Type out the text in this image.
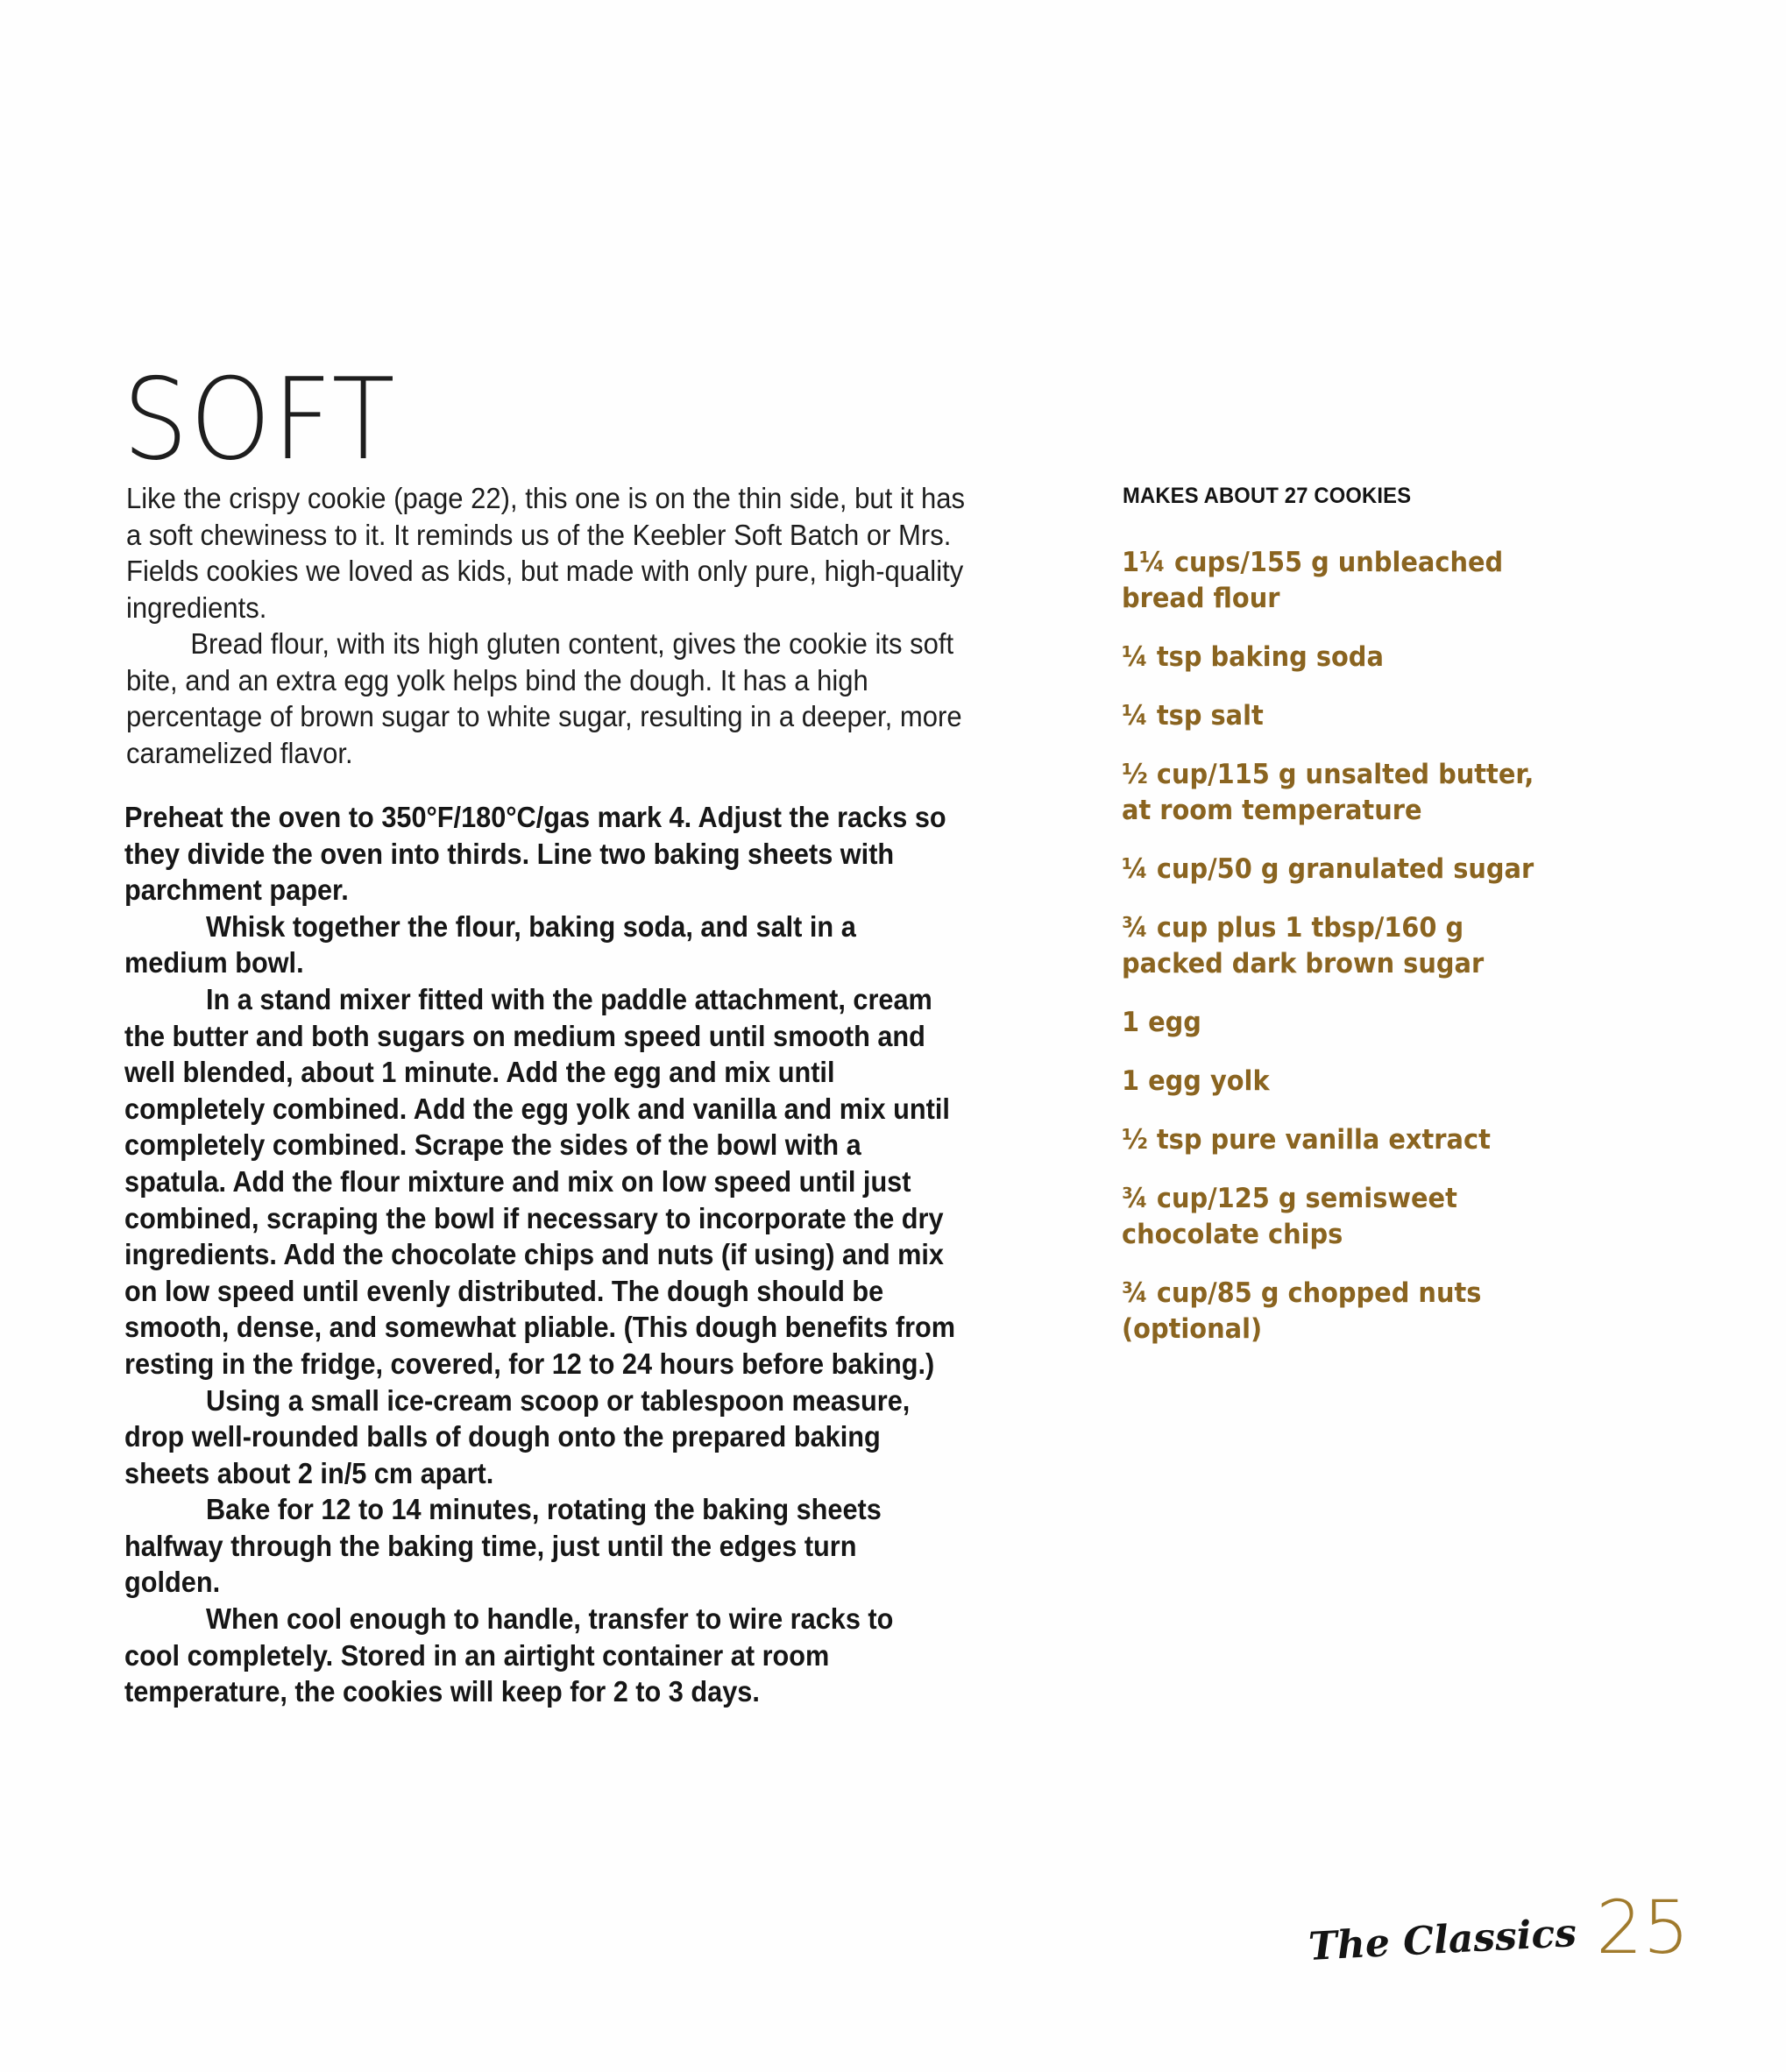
SOFT

Like the crispy cookie (page 22), this one is on the thin side, but it has a soft chewiness to it. It reminds us of the Keebler Soft Batch or Mrs. Fields cookies we loved as kids, but made with only pure, high-quality ingredients.

Bread flour, with its high gluten content, gives the cookie its soft bite, and an extra egg yolk helps bind the dough. It has a high percentage of brown sugar to white sugar, resulting in a deeper, more caramelized flavor.

Preheat the oven to 350°F/180°C/gas mark 4. Adjust the racks so they divide the oven into thirds. Line two baking sheets with parchment paper.

Whisk together the flour, baking soda, and salt in a medium bowl.

In a stand mixer fitted with the paddle attachment, cream the butter and both sugars on medium speed until smooth and well blended, about 1 minute. Add the egg and mix until completely combined. Add the egg yolk and vanilla and mix until completely combined. Scrape the sides of the bowl with a spatula. Add the flour mixture and mix on low speed until just combined, scraping the bowl if necessary to incorporate the dry ingredients. Add the chocolate chips and nuts (if using) and mix on low speed until evenly distributed. The dough should be smooth, dense, and somewhat pliable. (This dough benefits from resting in the fridge, covered, for 12 to 24 hours before baking.)

Using a small ice-cream scoop or tablespoon measure, drop well-rounded balls of dough onto the prepared baking sheets about 2 in/5 cm apart.

Bake for 12 to 14 minutes, rotating the baking sheets halfway through the baking time, just until the edges turn golden.

When cool enough to handle, transfer to wire racks to cool completely. Stored in an airtight container at room temperature, the cookies will keep for 2 to 3 days.

MAKES ABOUT 27 COOKIES
1¼ cups/155 g unbleached bread flour
¼ tsp baking soda
¼ tsp salt
½ cup/115 g unsalted butter, at room temperature
¼ cup/50 g granulated sugar
¾ cup plus 1 tbsp/160 g packed dark brown sugar
1 egg
1 egg yolk
½ tsp pure vanilla extract
¾ cup/125 g semisweet chocolate chips
¾ cup/85 g chopped nuts (optional)
The Classics 25
